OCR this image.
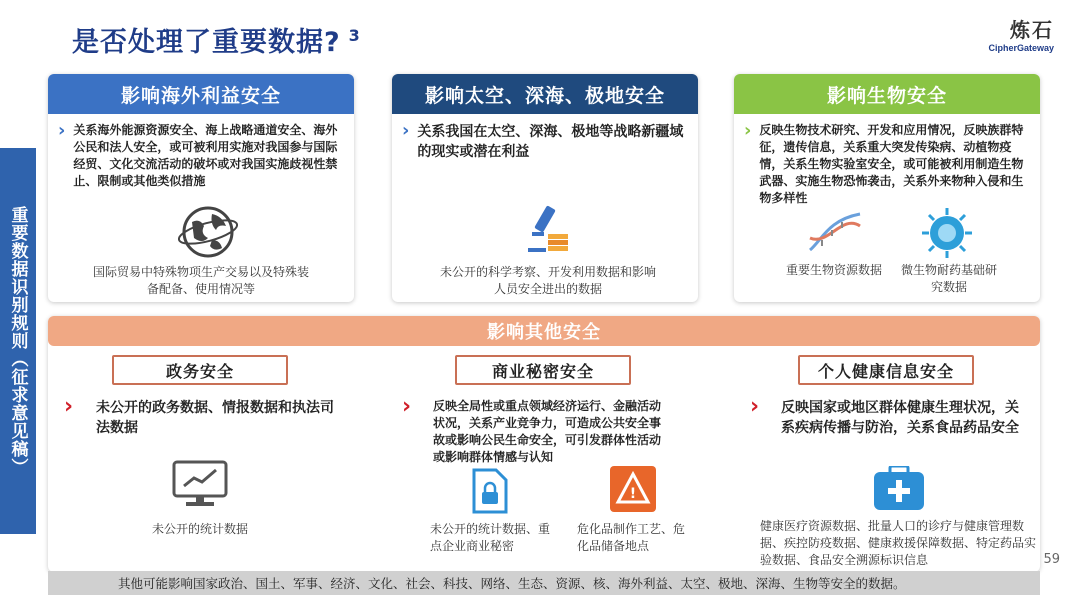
是否处理了重要数据? $^3$	炼石
CipherGateway
重要数据识别规则（征求意见稿）
影响海外利益安全
› 关系海外能源资源安全、海上战略通道安全、海外公民和法人安全，或可被利用实施对我国参与国际经贸、文化交流活动的破坏或对我国实施歧视性禁止、限制或其他类似措施
国际贸易中特殊物项生产交易以及特殊装备配备、使用情况等
影响太空、深海、极地安全
› 关系我国在太空、深海、极地等战略新疆域的现实或潜在利益
未公开的科学考察、开发利用数据和影响人员安全进出的数据
影响生物安全
› 反映生物技术研究、开发和应用情况，反映族群特征，遗传信息，关系重大突发传染病、动植物疫情，关系生物实验室安全，或可能被利用制造生物武器、实施生物恐怖袭击，关系外来物种入侵和生物多样性
重要生物资源数据	微生物耐药基础研究数据
影响其他安全
政务安全
› 未公开的政务数据、情报数据和执法司法数据
未公开的统计数据
商业秘密安全
› 反映全局性或重点领域经济运行、金融活动状况，关系产业竞争力，可造成公共安全事故或影响公民生命安全，可引发群体性活动或影响群体情感与认知
!
未公开的统计数据、重点企业商业秘密
危化品制作工艺、危化品储备地点
个人健康信息安全
› 反映国家或地区群体健康生理状况，关系疾病传播与防治，关系食品药品安全
健康医疗资源数据、批量人口的诊疗与健康管理数据、疾控防疫数据、健康救援保障数据、特定药品实验数据、食品安全溯源标识信息
其他可能影响国家政治、国土、军事、经济、文化、社会、科技、网络、生态、资源、核、海外利益、太空、极地、深海、生物等安全的数据。
59
